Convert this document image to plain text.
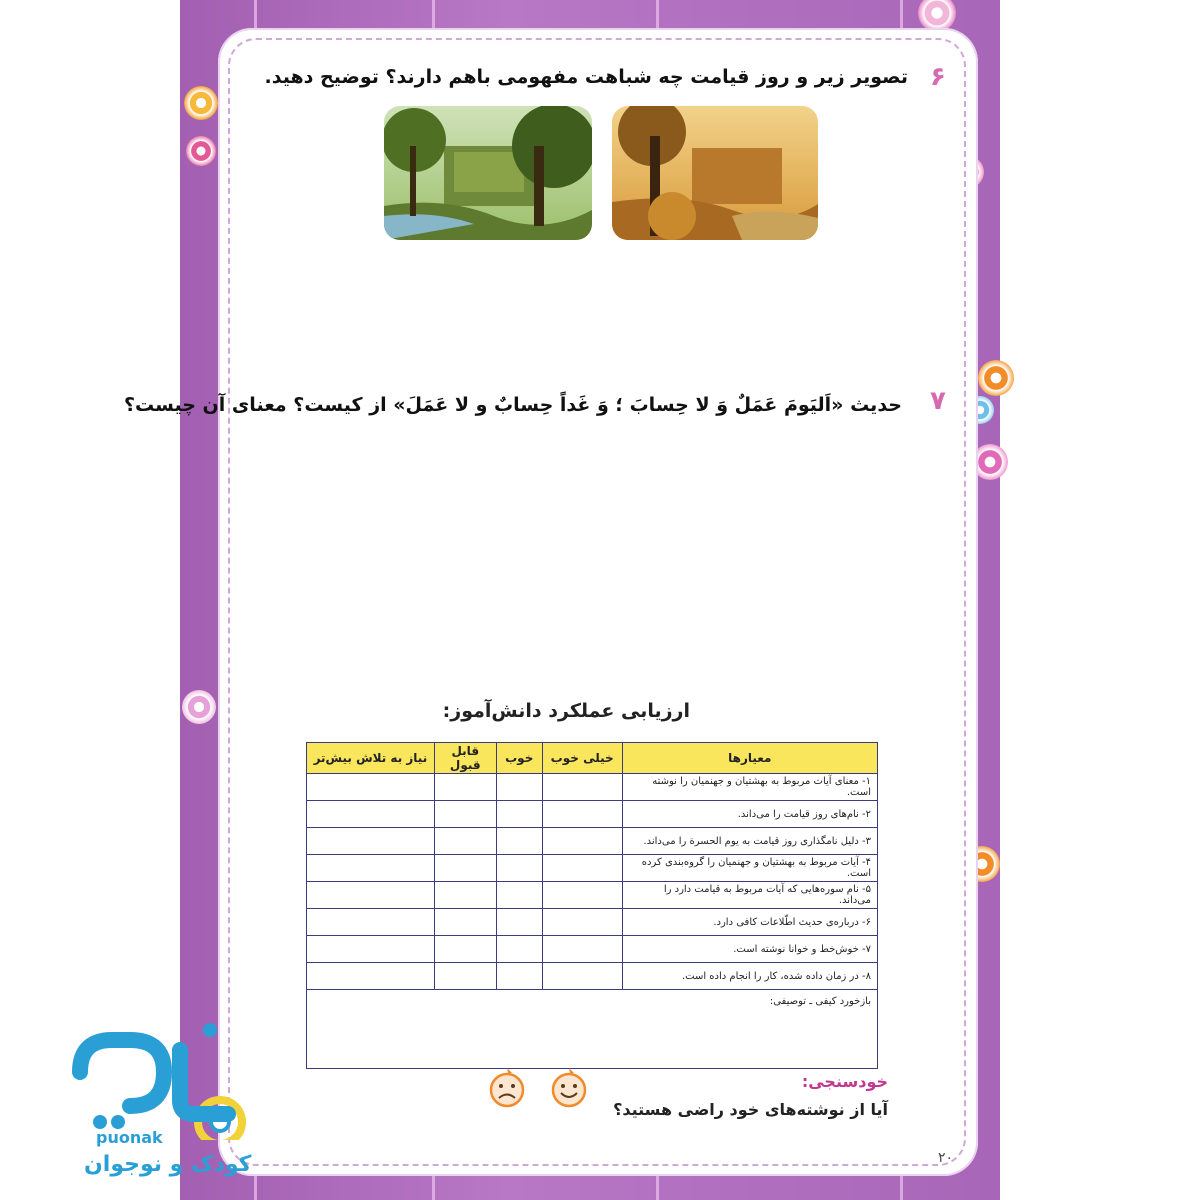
۶
تصویر زیر و روز قیامت چه شباهت مفهومی باهم دارند؟ توضیح دهید.
۷
حدیث «اَلیَومَ عَمَلٌ وَ لا حِسابَ ؛ وَ غَداً حِسابٌ و لا عَمَلَ» از کیست؟ معنای آن چیست؟
ارزیابی عملکرد دانش‌آموز:
معیارها	خیلی خوب	خوب	قابل قبول	نیاز به تلاش بیش‌تر
۱- معنای آیات مربوط به بهشتیان و جهنمیان را نوشته است.				
۲- نام‌های روز قیامت را می‌داند.				
۳- دلیل نامگذاری روز قیامت به یوم الحسرة را می‌داند.				
۴- آیات مربوط به بهشتیان و جهنمیان را گروه‌بندی کرده است.				
۵- نام سوره‌هایی که آیات مربوط به قیامت دارد را می‌داند.				
۶- درباره‌ی حدیث اطّلاعات کافی دارد.				
۷- خوش‌خط و خوانا نوشته است.				
۸- در زمان داده شده، کار را انجام داده است.				
بازخورد کیفی ـ توصیفی:				
خودسنجی:
آیا از نوشته‌های خود راضی هستید؟
۲۰
puonak
کودک و نوجوان
